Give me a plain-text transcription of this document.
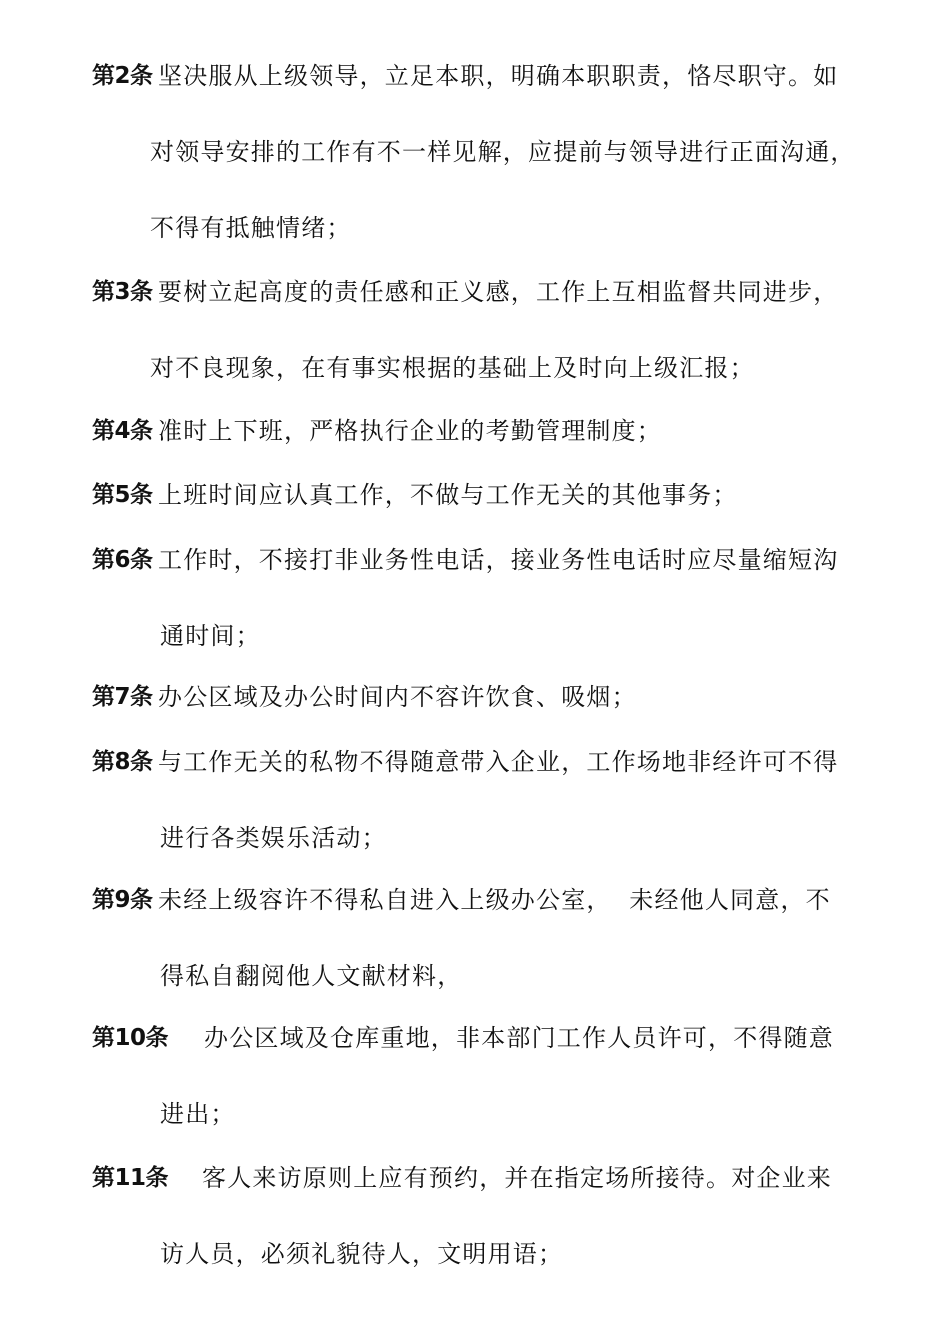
第2条 坚决服从上级领导，立足本职，明确本职职责，恪尽职守。如
对领导安排的工作有不一样见解，应提前与领导进行正面沟通，
不得有抵触情绪；
第3条 要树立起高度的责任感和正义感，工作上互相监督共同进步，
对不良现象，在有事实根据的基础上及时向上级汇报；
第4条 准时上下班，严格执行企业的考勤管理制度；
第5条 上班时间应认真工作，不做与工作无关的其他事务；
第6条 工作时，不接打非业务性电话，接业务性电话时应尽量缩短沟
通时间；
第7条 办公区域及办公时间内不容许饮食、吸烟；
第8条 与工作无关的私物不得随意带入企业，工作场地非经许可不得
进行各类娱乐活动；
第9条 未经上级容许不得私自进入上级办公室，  未经他人同意，不
得私自翻阅他人文献材料，
第10条 办公区域及仓库重地，非本部门工作人员许可，不得随意
进出；
第11条 客人来访原则上应有预约，并在指定场所接待。对企业来
访人员，必须礼貌待人，文明用语；
